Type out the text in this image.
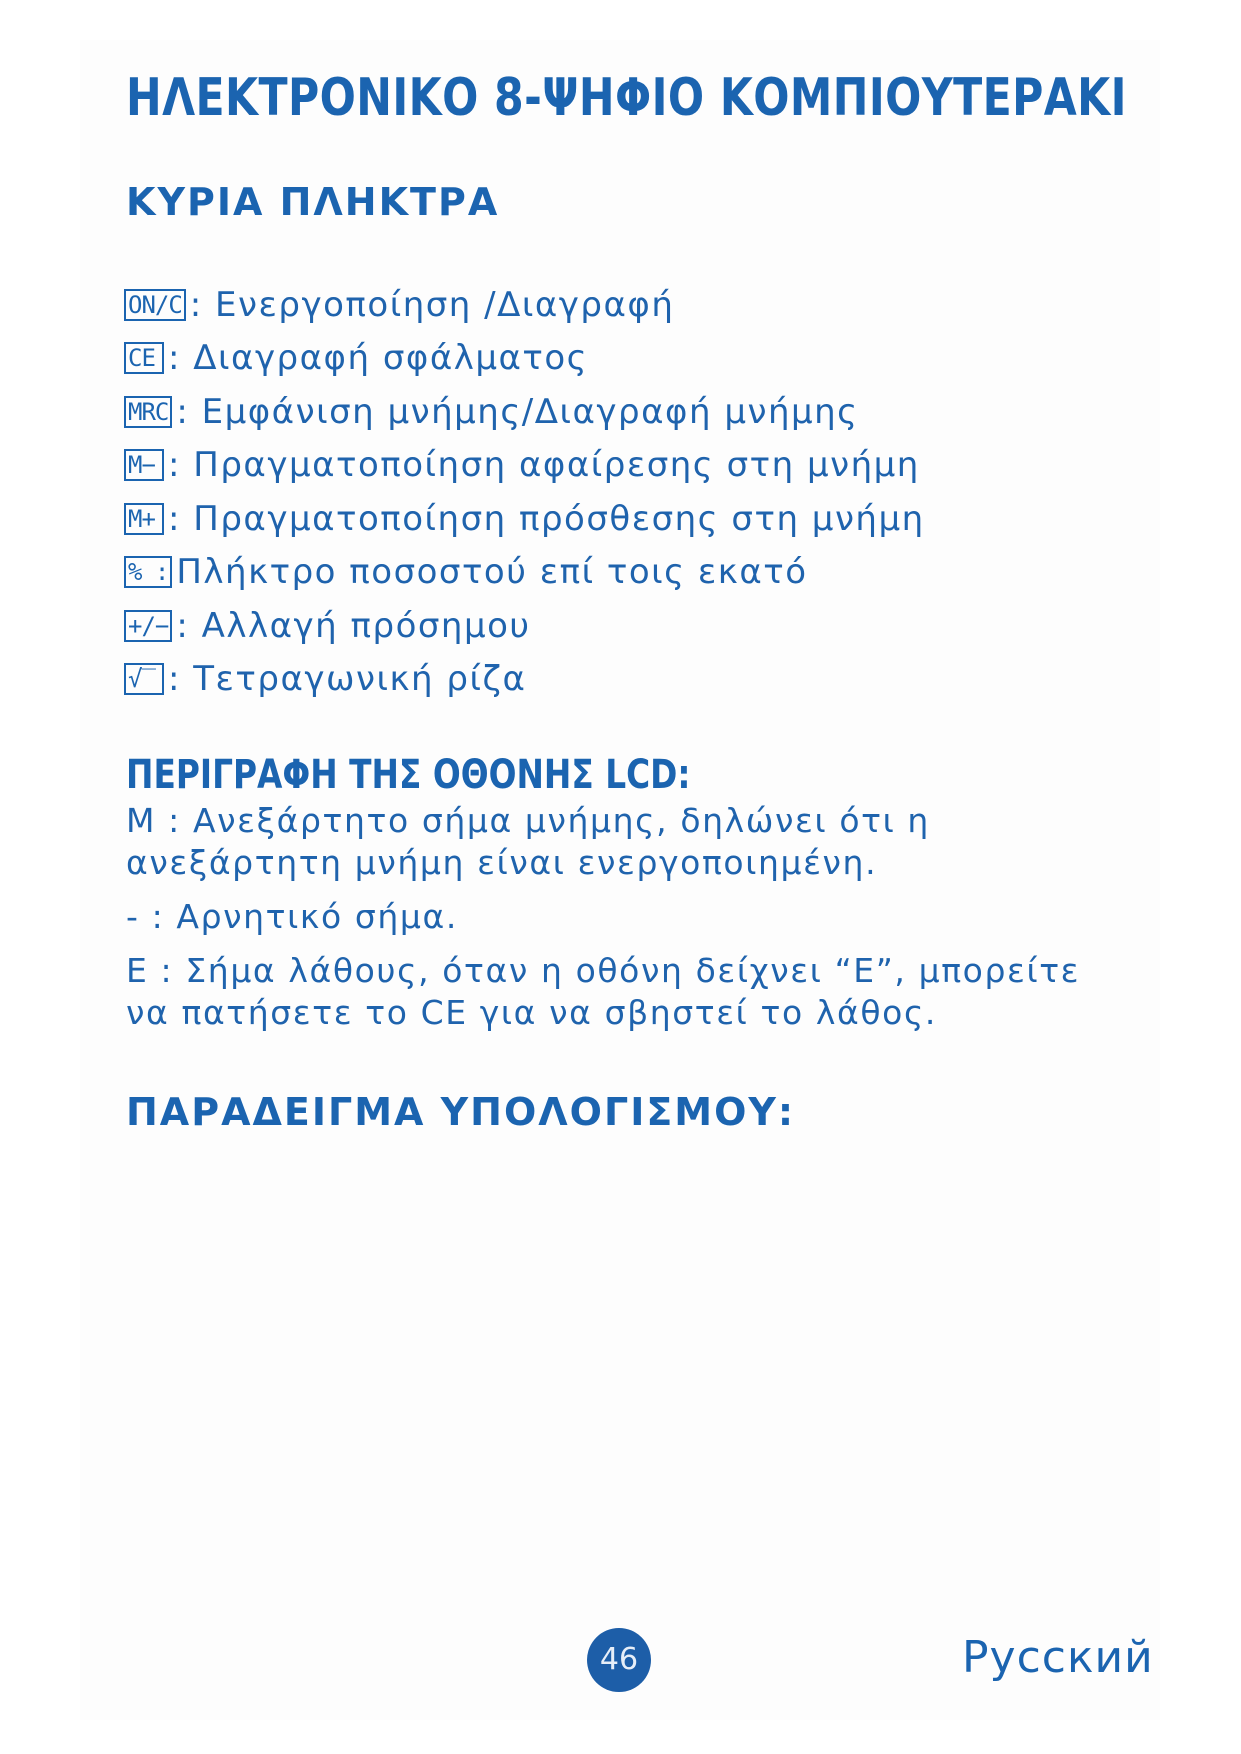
ΗΛΕΚΤΡΟΝΙΚΟ 8-ΨΗΦΙΟ ΚΟΜΠΙΟΥΤΕΡΑΚΙ
ΚΥΡΙΑ ΠΛΗΚΤΡΑ
ON/C : Ενεργοποίηση /Διαγραφή
CE : Διαγραφή σφάλματος
MRC : Εμφάνιση μνήμης/Διαγραφή μνήμης
M− : Πραγματοποίηση αφαίρεσης στη μνήμη
M+ : Πραγματοποίηση πρόσθεσης στη μνήμη
% : Πλήκτρο ποσοστού επί τοις εκατό
+/− : Αλλαγή πρόσημου
√‾ : Τετραγωνική ρίζα
ΠΕΡΙΓΡΑΦΗ ΤΗΣ ΟΘΟΝΗΣ LCD:

M : Ανεξάρτητο σήμα μνήμης, δηλώνει ότι η ανεξάρτητη μνήμη είναι ενεργοποιημένη.

- : Αρνητικό σήμα.

E : Σήμα λάθους, όταν η οθόνη δείχνει “E”, μπορείτε να πατήσετε το CE για να σβηστεί το λάθος.

ΠΑΡΑΔΕΙΓΜΑ ΥΠΟΛΟΓΙΣΜΟΥ:
46	Русский
